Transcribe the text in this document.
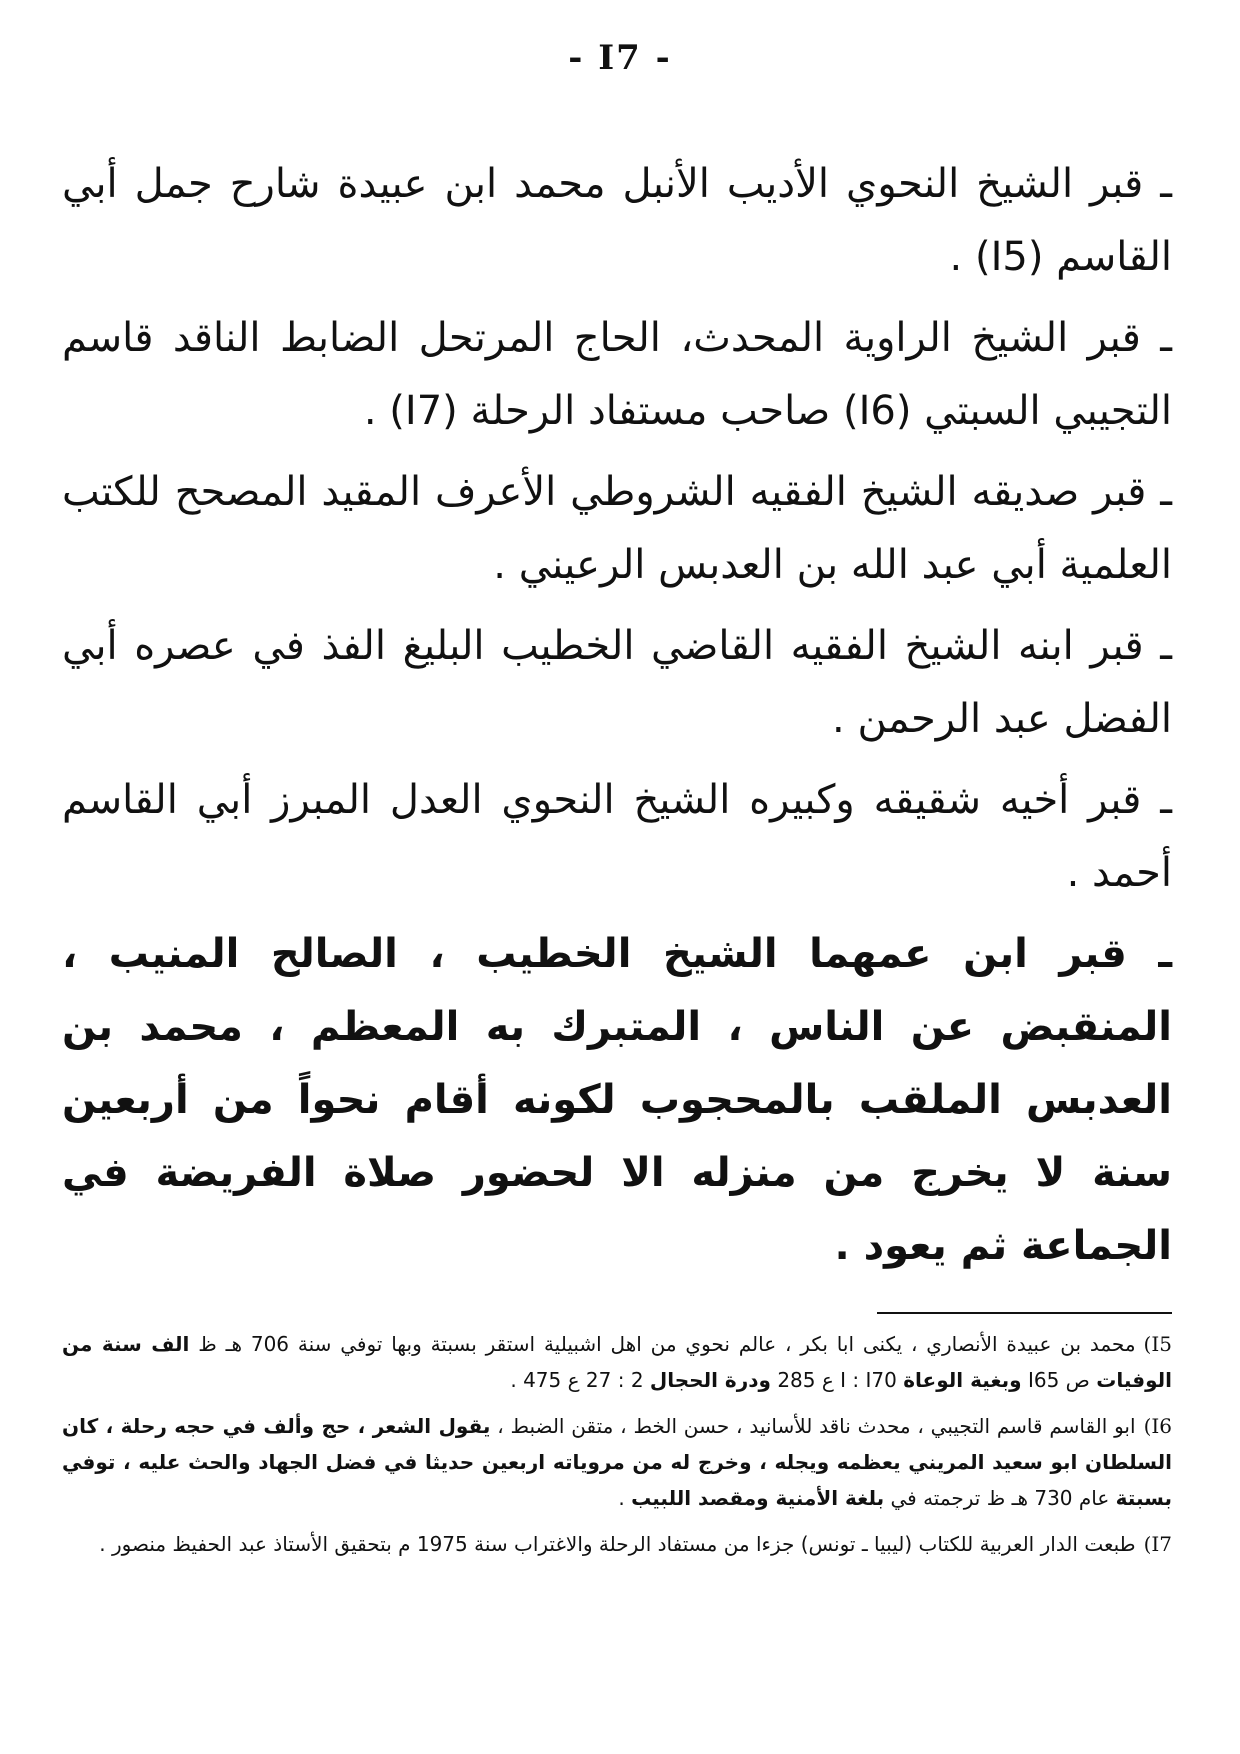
- I7 -

ـ قبر الشيخ النحوي الأديب الأنبل محمد ابن عبيدة شارح جمل أبي القاسم (I5) .

ـ قبر الشيخ الراوية المحدث، الحاج المرتحل الضابط الناقد قاسم التجيبي السبتي (I6) صاحب مستفاد الرحلة (I7) .

ـ قبر صديقه الشيخ الفقيه الشروطي الأعرف المقيد المصحح للكتب العلمية أبي عبد الله بن العدبس الرعيني .

ـ قبر ابنه الشيخ الفقيه القاضي الخطيب البليغ الفذ في عصره أبي الفضل عبد الرحمن .

ـ قبر أخيه شقيقه وكبيره الشيخ النحوي العدل المبرز أبي القاسم أحمد .

ـ قبر ابن عمهما الشيخ الخطيب ، الصالح المنيب ، المنقبض عن الناس ، المتبرك به المعظم ، محمد بن العدبس الملقب بالمحجوب لكونه أقام نحواً من أربعين سنة لا يخرج من منزله الا لحضور صلاة الفريضة في الجماعة ثم يعود .

I5)محمد بن عبيدة الأنصاري ، يكنى ابا بكر ، عالم نحوي من اهل اشبيلية استقر بسبتة وبها توفي سنة 706 هـ ظ الف سنة من الوفيات ص I65 وبغية الوعاة I : I70 ع 285 ودرة الحجال 2 : 27 ع 475 .

I6)ابو القاسم قاسم التجيبي ، محدث ناقد للأسانيد ، حسن الخط ، متقن الضبط ، يقول الشعر ، حج وألف في حجه رحلة ، كان السلطان ابو سعيد المريني يعظمه ويجله ، وخرج له من مروياته اربعين حديثا في فضل الجهاد والحث عليه ، توفي بسبتة عام 730 هـ ظ ترجمته في بلغة الأمنية ومقصد اللبيب .

I7)طبعت الدار العربية للكتاب (ليبيا ـ تونس) جزءا من مستفاد الرحلة والاغتراب سنة 1975 م بتحقيق الأستاذ عبد الحفيظ منصور .
